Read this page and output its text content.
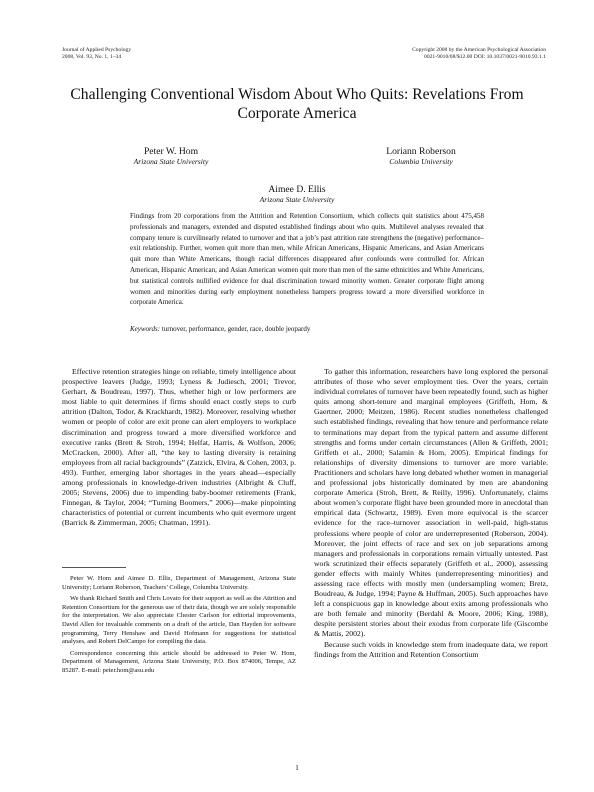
Journal of Applied Psychology
2008, Vol. 93, No. 1, 1–34
Copyright 2008 by the American Psychological Association
0021-9010/08/$12.00 DOI: 10.1037/0021-9010.93.1.1
Challenging Conventional Wisdom About Who Quits: Revelations From Corporate America
Peter W. Hom
Arizona State University
Loriann Roberson
Columbia University
Aimee D. Ellis
Arizona State University
Findings from 20 corporations from the Attrition and Retention Consortium, which collects quit statistics about 475,458 professionals and managers, extended and disputed established findings about who quits. Multilevel analyses revealed that company tenure is curvilinearly related to turnover and that a job’s past attrition rate strengthens the (negative) performance–exit relationship. Further, women quit more than men, while African Americans, Hispanic Americans, and Asian Americans quit more than White Americans, though racial differences disappeared after confounds were controlled for. African American, Hispanic American, and Asian American women quit more than men of the same ethnicities and White Americans, but statistical controls nullified evidence for dual discrimination toward minority women. Greater corporate flight among women and minorities during early employment nonetheless hampers progress toward a more diversified workforce in corporate America.
Keywords: turnover, performance, gender, race, double jeopardy

Effective retention strategies hinge on reliable, timely intelligence about prospective leavers (Judge, 1993; Lyness & Judiesch, 2001; Trevor, Gerhart, & Boudreau, 1997). Thus, whether high or low performers are most liable to quit determines if firms should enact costly steps to curb attrition (Dalton, Todor, & Krackhardt, 1982). Moreover, resolving whether women or people of color are exit prone can alert employers to workplace discrimination and progress toward a more diversified workforce and executive ranks (Brett & Stroh, 1994; Helfat, Harris, & Wolfson, 2006; McCracken, 2000). After all, “the key to lasting diversity is retaining employees from all racial backgrounds” (Zatzick, Elvira, & Cohen, 2003, p. 493). Further, emerging labor shortages in the years ahead—especially among professionals in knowledge-driven industries (Albright & Cluff, 2005; Stevens, 2006) due to impending baby-boomer retirements (Frank, Finnegan, & Taylor, 2004; “Turning Boomers,” 2006)—make pinpointing characteristics of potential or current incumbents who quit evermore urgent (Barrick & Zimmerman, 2005; Chatman, 1991).

Peter W. Hom and Aimee D. Ellis, Department of Management, Arizona State University; Loriann Roberson, Teachers’ College, Columbia University.

We thank Richard Smith and Chris Lovato for their support as well as the Attrition and Retention Consortium for the generous use of their data, though we are solely responsible for the interpretation. We also appreciate Chester Carlson for editorial improvements, David Allen for invaluable comments on a draft of the article, Dan Hayden for software programming, Terry Henshaw and David Hofmann for suggestions for statistical analyses, and Robert DelCampo for compiling the data.

Correspondence concerning this article should be addressed to Peter W. Hom, Department of Management, Arizona State University, P.O. Box 874006, Tempe, AZ 85287. E-mail: peter.hom@asu.edu

To gather this information, researchers have long explored the personal attributes of those who sever employment ties. Over the years, certain individual correlates of turnover have been repeatedly found, such as higher quits among short-tenure and marginal employees (Griffeth, Hom, & Gaertner, 2000; Meitzen, 1986). Recent studies nonetheless challenged such established findings, revealing that how tenure and performance relate to terminations may depart from the typical pattern and assume different strengths and forms under certain circumstances (Allen & Griffeth, 2001; Griffeth et al., 2000; Salamin & Hom, 2005). Empirical findings for relationships of diversity dimensions to turnover are more variable. Practitioners and scholars have long debated whether women in managerial and professional jobs historically dominated by men are abandoning corporate America (Stroh, Brett, & Reilly, 1996). Unfortunately, claims about women’s corporate flight have been grounded more in anecdotal than empirical data (Schwartz, 1989). Even more equivocal is the scarcer evidence for the race–turnover association in well-paid, high-status professions where people of color are underrepresented (Roberson, 2004). Moreover, the joint effects of race and sex on job separations among managers and professionals in corporations remain virtually untested. Past work scrutinized their effects separately (Griffeth et al., 2000), assessing gender effects with mainly Whites (underrepresenting minorities) and assessing race effects with mostly men (undersampling women; Bretz, Boudreau, & Judge, 1994; Payne & Huffman, 2005). Such approaches have left a conspicuous gap in knowledge about exits among professionals who are both female and minority (Berdahl & Moore, 2006; King, 1988), despite persistent stories about their exodus from corporate life (Giscombe & Mattis, 2002).

Because such voids in knowledge stem from inadequate data, we report findings from the Attrition and Retention Consortium

1
